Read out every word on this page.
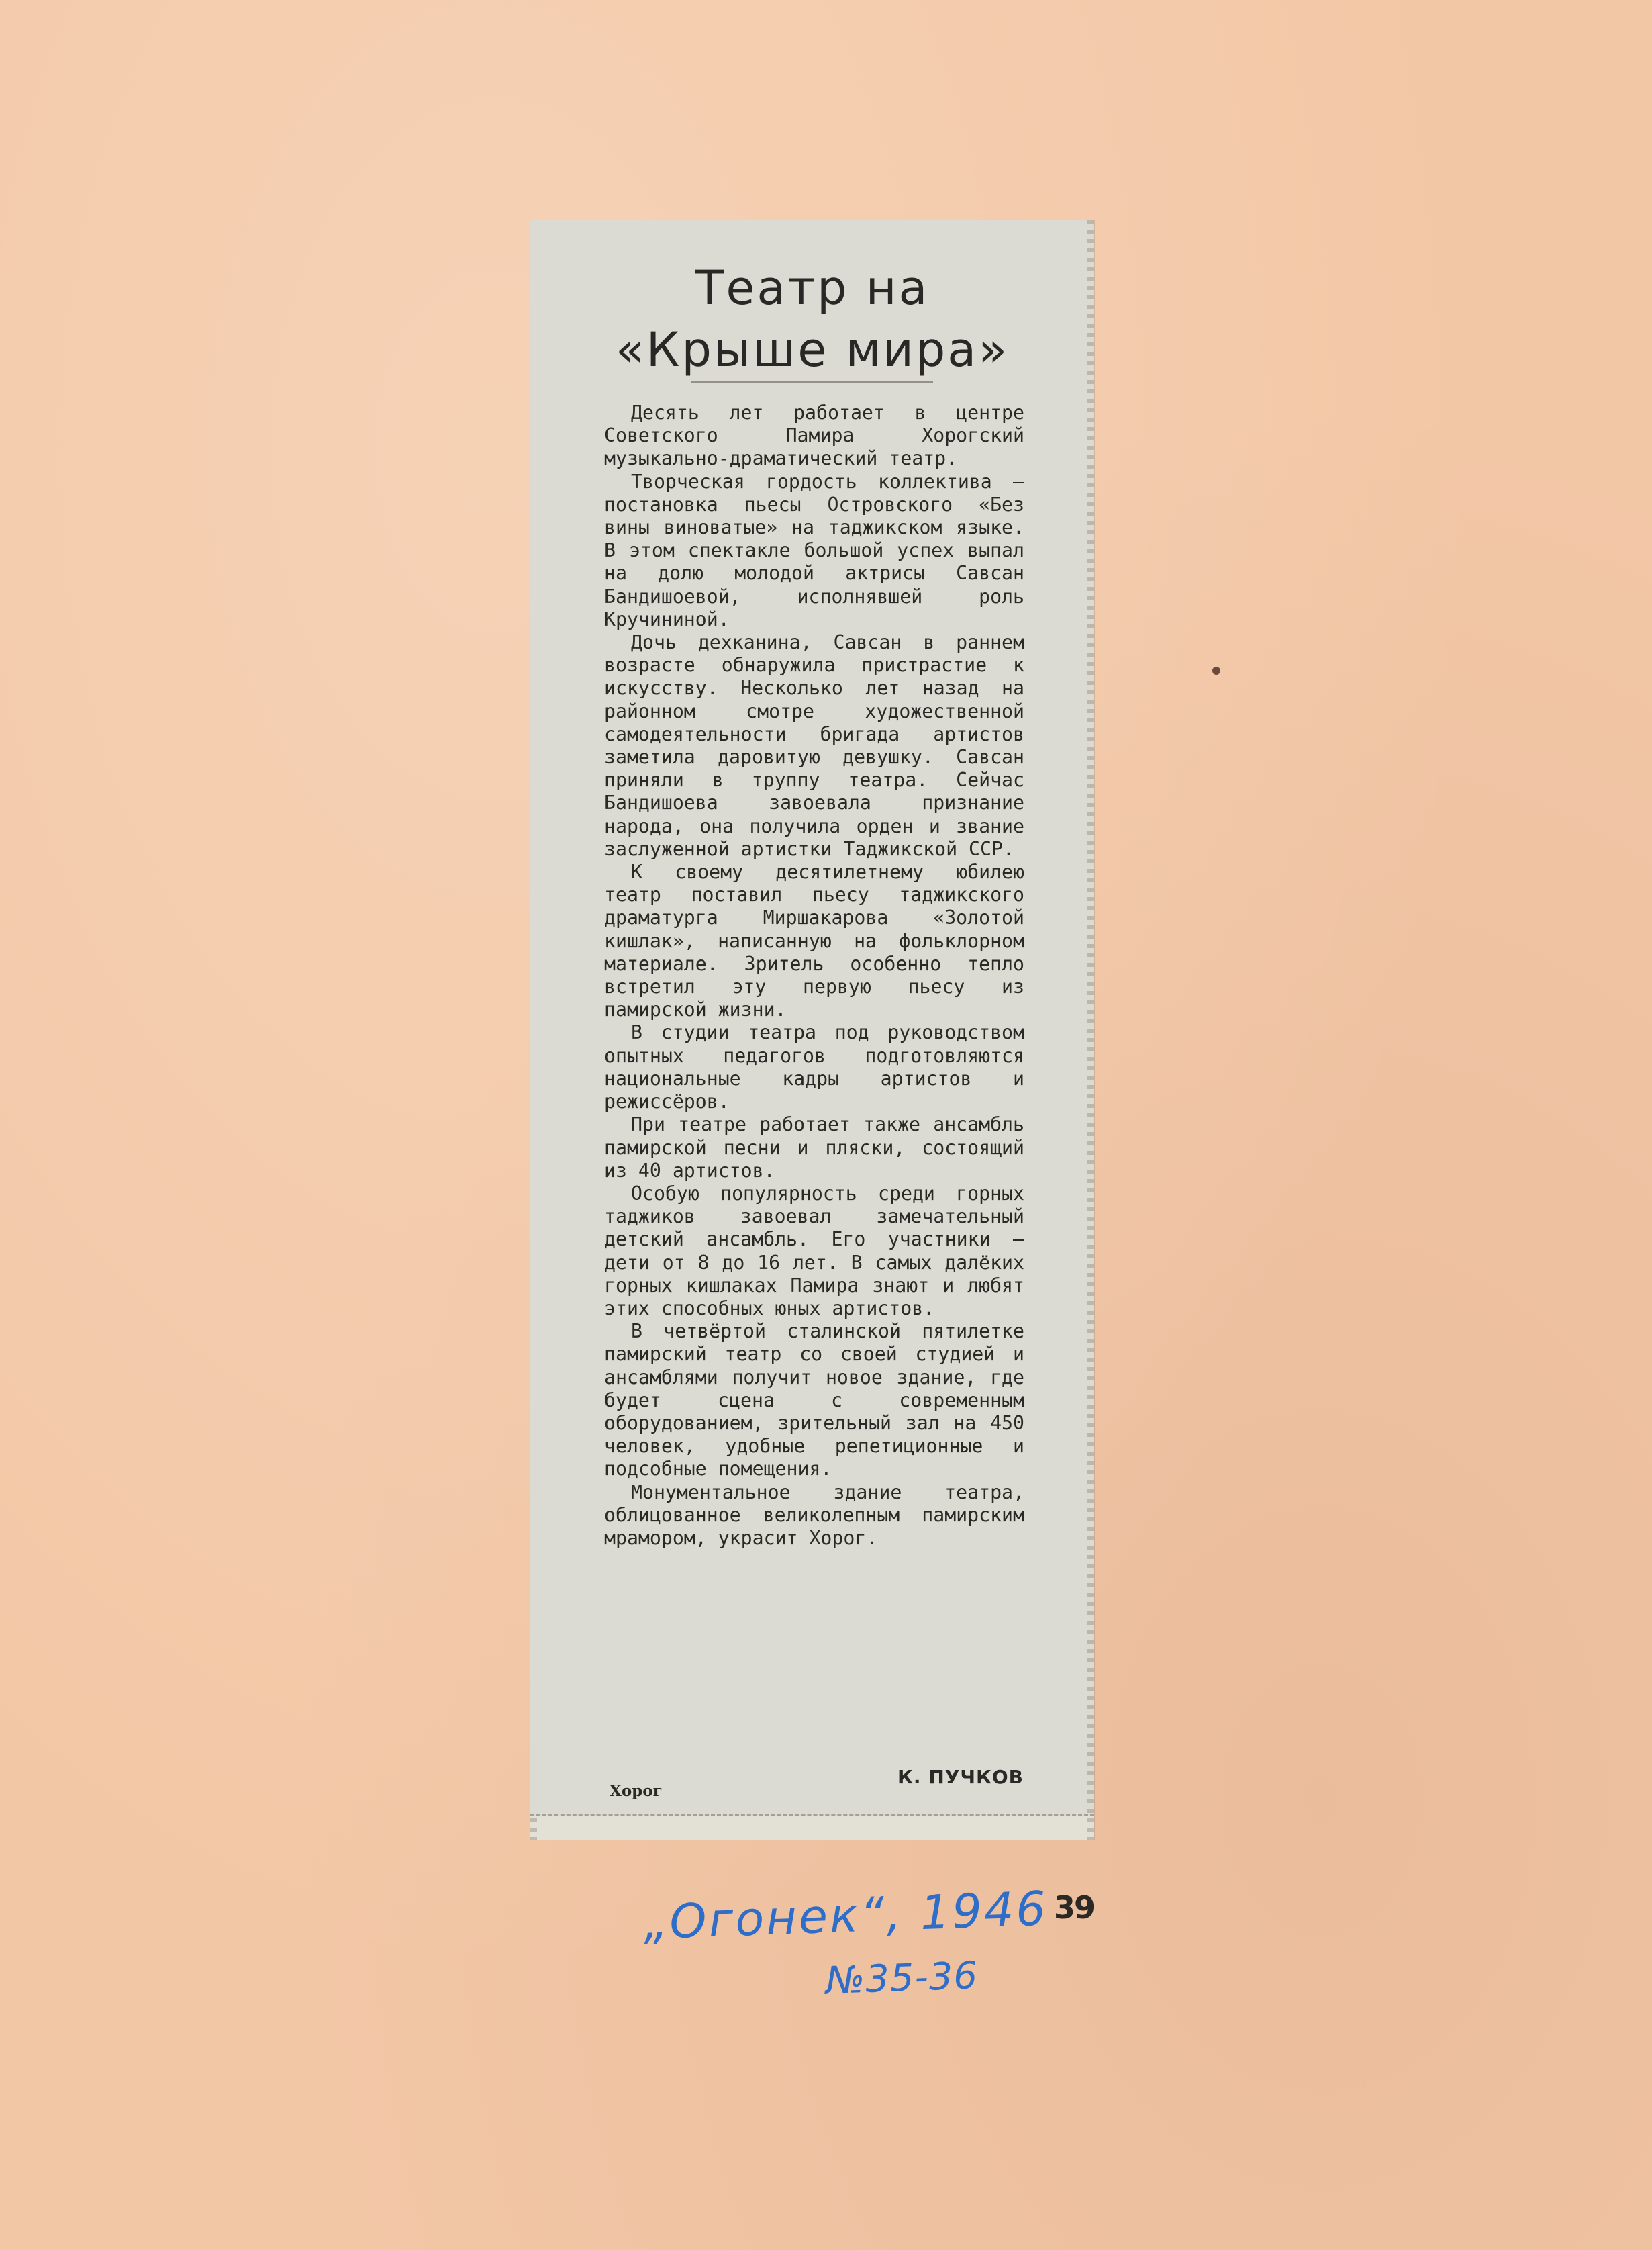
Театр на
«Крыше мира»

Десять лет работает в центре Советского Памира Хорогский музыкально-драматический театр.

Творческая гордость коллектива — постановка пьесы Островского «Без вины виноватые» на таджикском языке. В этом спектакле большой успех выпал на долю молодой актрисы Савсан Бандишоевой, исполнявшей роль Кручининой.

Дочь дехканина, Савсан в раннем возрасте обнаружила пристрастие к искусству. Несколько лет назад на районном смотре художественной самодеятельности бригада артистов заметила даровитую девушку. Савсан приняли в труппу театра. Сейчас Бандишоева завоевала признание народа, она получила орден и звание заслуженной артистки Таджикской ССР.

К своему десятилетнему юбилею театр поставил пьесу таджикского драматурга Миршакарова «Золотой кишлак», написанную на фольклорном материале. Зритель особенно тепло встретил эту первую пьесу из памирской жизни.

В студии театра под руководством опытных педагогов подготовляются национальные кадры артистов и режиссёров.

При театре работает также ансамбль памирской песни и пляски, состоящий из 40 артистов.

Особую популярность среди горных таджиков завоевал замечательный детский ансамбль. Его участники — дети от 8 до 16 лет. В самых далёких горных кишлаках Памира знают и любят этих способных юных артистов.

В четвёртой сталинской пятилетке памирский театр со своей студией и ансамблями получит новое здание, где будет сцена с современным оборудованием, зрительный зал на 450 человек, удобные репетиционные и подсобные помещения.

Монументальное здание театра, облицованное великолепным памирским мрамором, украсит Хорог.

К. ПУЧКОВ
Хорог
39
„Огонек“, 1946
№35-36
